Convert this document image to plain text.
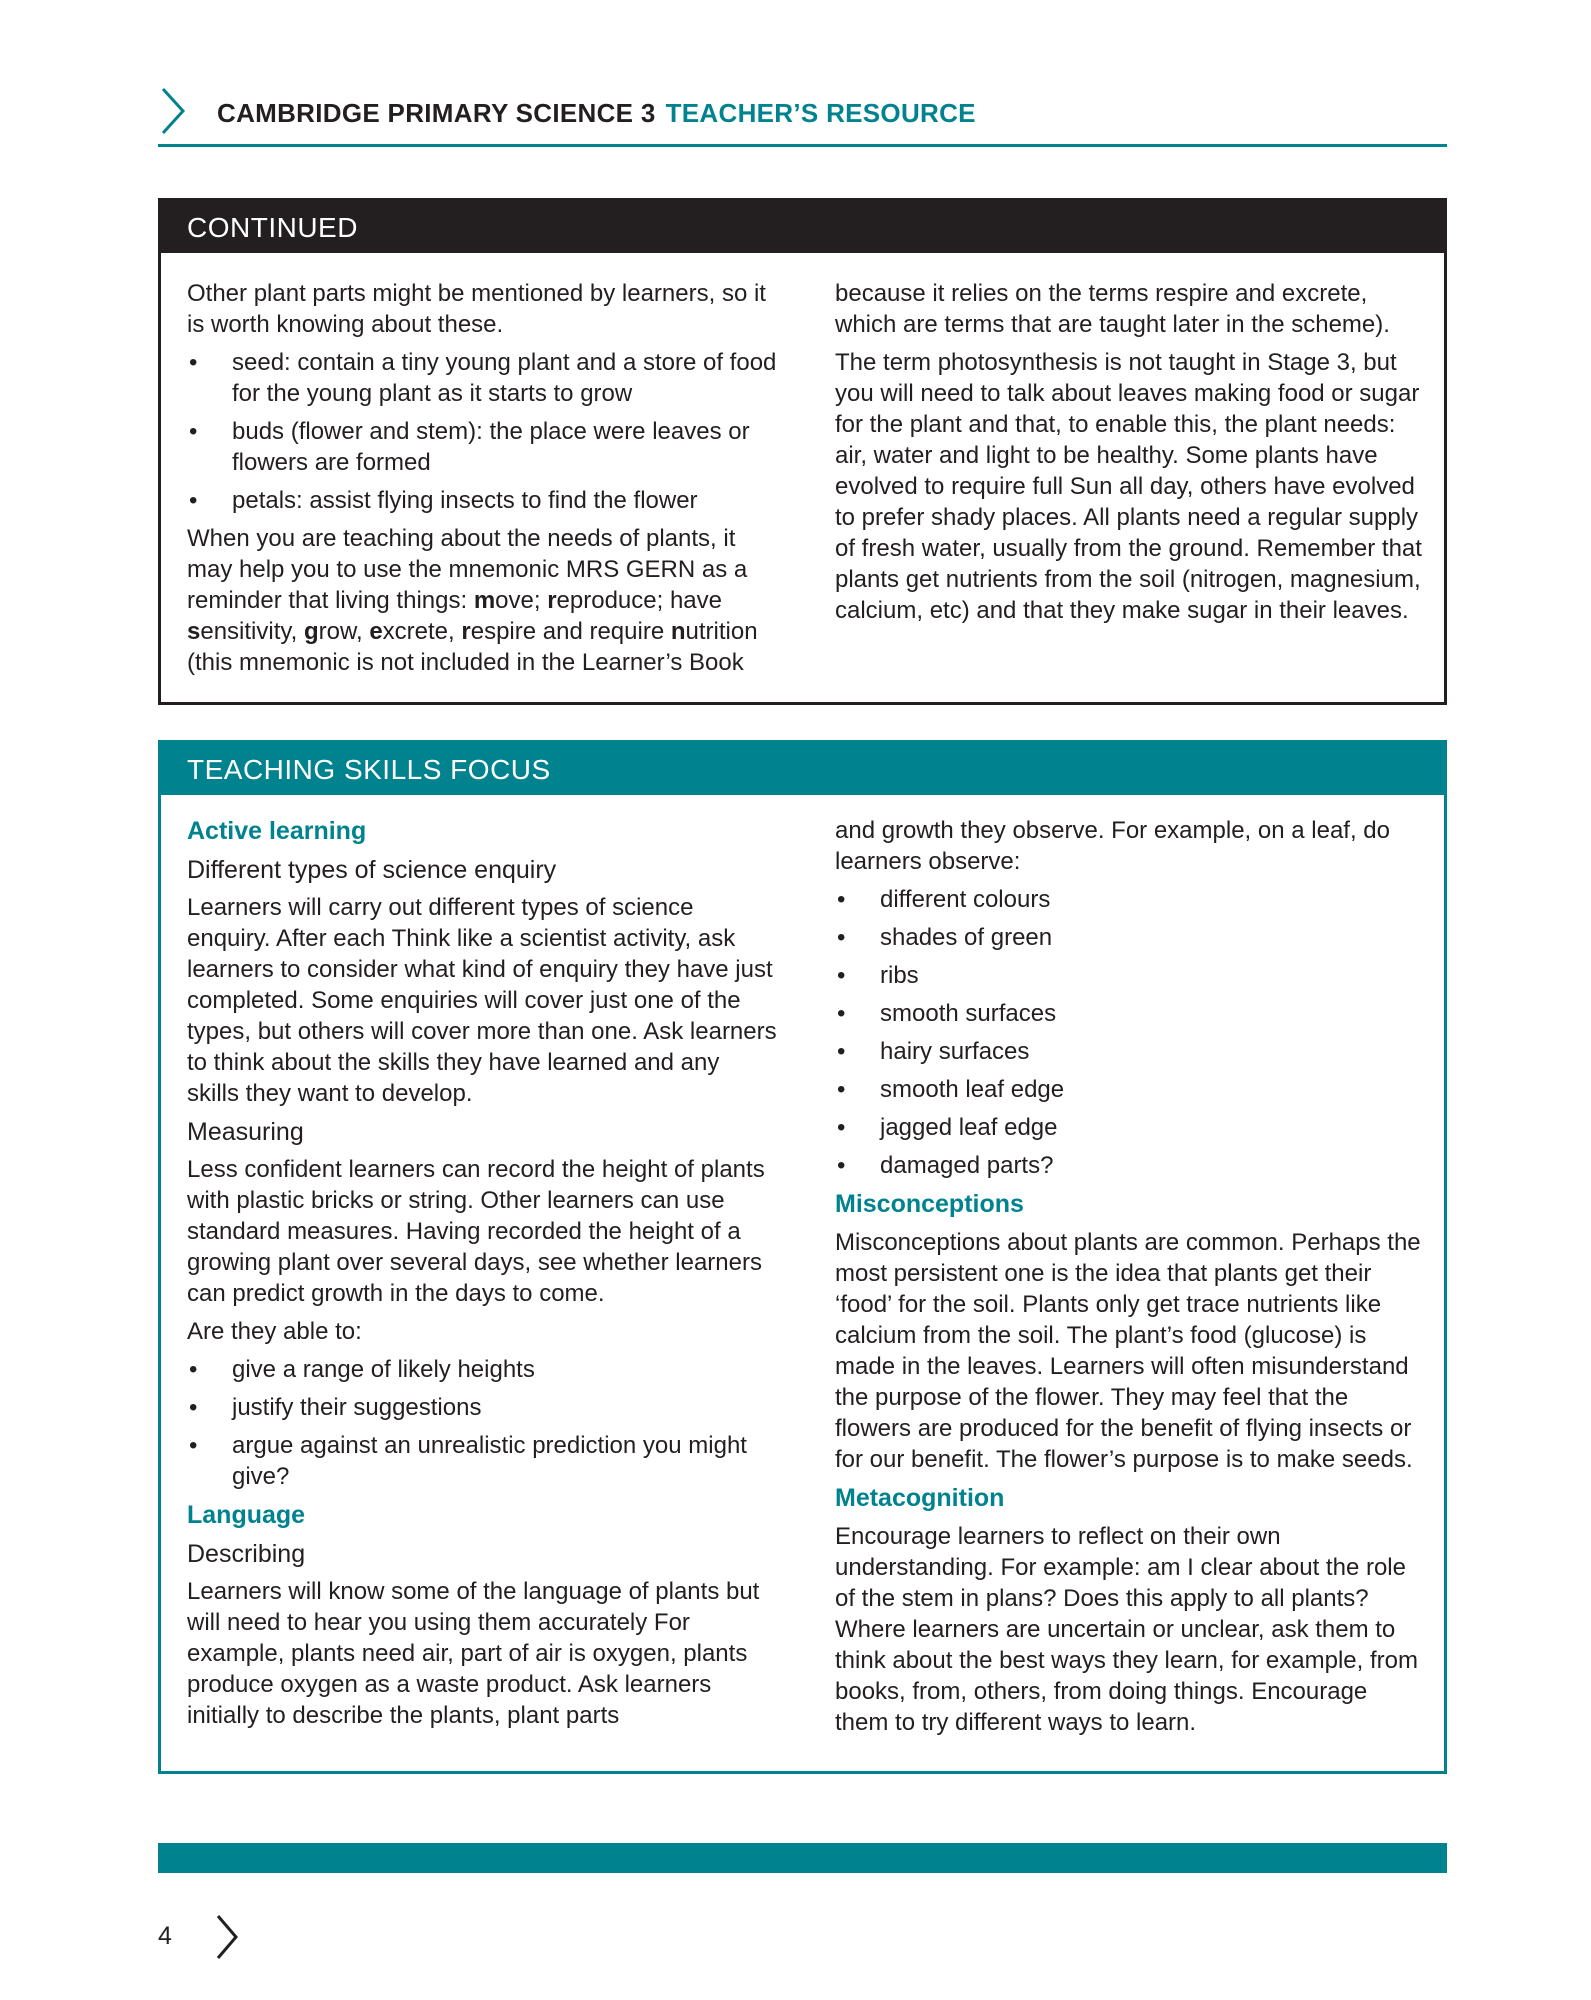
CAMBRIDGE PRIMARY SCIENCE 3 TEACHER’S RESOURCE
CONTINUED

Other plant parts might be mentioned by learners, so it is worth knowing about these.

• seed: contain a tiny young plant and a store of food for the young plant as it starts to grow
• buds (flower and stem): the place were leaves or flowers are formed
• petals: assist flying insects to find the flower

When you are teaching about the needs of plants, it may help you to use the mnemonic MRS GERN as a reminder that living things: move; reproduce; have sensitivity, grow, excrete, respire and require nutrition (this mnemonic is not included in the Learner’s Book

because it relies on the terms respire and excrete, which are terms that are taught later in the scheme).

The term photosynthesis is not taught in Stage 3, but you will need to talk about leaves making food or sugar for the plant and that, to enable this, the plant needs: air, water and light to be healthy. Some plants have evolved to require full Sun all day, others have evolved to prefer shady places. All plants need a regular supply of fresh water, usually from the ground. Remember that plants get nutrients from the soil (nitrogen, magnesium, calcium, etc) and that they make sugar in their leaves.

TEACHING SKILLS FOCUS
Active learning
Different types of science enquiry

Learners will carry out different types of science enquiry. After each Think like a scientist activity, ask learners to consider what kind of enquiry they have just completed. Some enquiries will cover just one of the types, but others will cover more than one. Ask learners to think about the skills they have learned and any skills they want to develop.

Measuring

Less confident learners can record the height of plants with plastic bricks or string. Other learners can use standard measures. Having recorded the height of a growing plant over several days, see whether learners can predict growth in the days to come.

Are they able to:

• give a range of likely heights
• justify their suggestions
• argue against an unrealistic prediction you might give?
Language
Describing

Learners will know some of the language of plants but will need to hear you using them accurately For example, plants need air, part of air is oxygen, plants produce oxygen as a waste product. Ask learners initially to describe the plants, plant parts

and growth they observe. For example, on a leaf, do learners observe:

• different colours
• shades of green
• ribs
• smooth surfaces
• hairy surfaces
• smooth leaf edge
• jagged leaf edge
• damaged parts?
Misconceptions

Misconceptions about plants are common. Perhaps the most persistent one is the idea that plants get their ‘food’ for the soil. Plants only get trace nutrients like calcium from the soil. The plant’s food (glucose) is made in the leaves. Learners will often misunderstand the purpose of the flower. They may feel that the flowers are produced for the benefit of flying insects or for our benefit. The flower’s purpose is to make seeds.

Metacognition

Encourage learners to reflect on their own understanding. For example: am I clear about the role of the stem in plans? Does this apply to all plants? Where learners are uncertain or unclear, ask them to think about the best ways they learn, for example, from books, from, others, from doing things. Encourage them to try different ways to learn.

4
